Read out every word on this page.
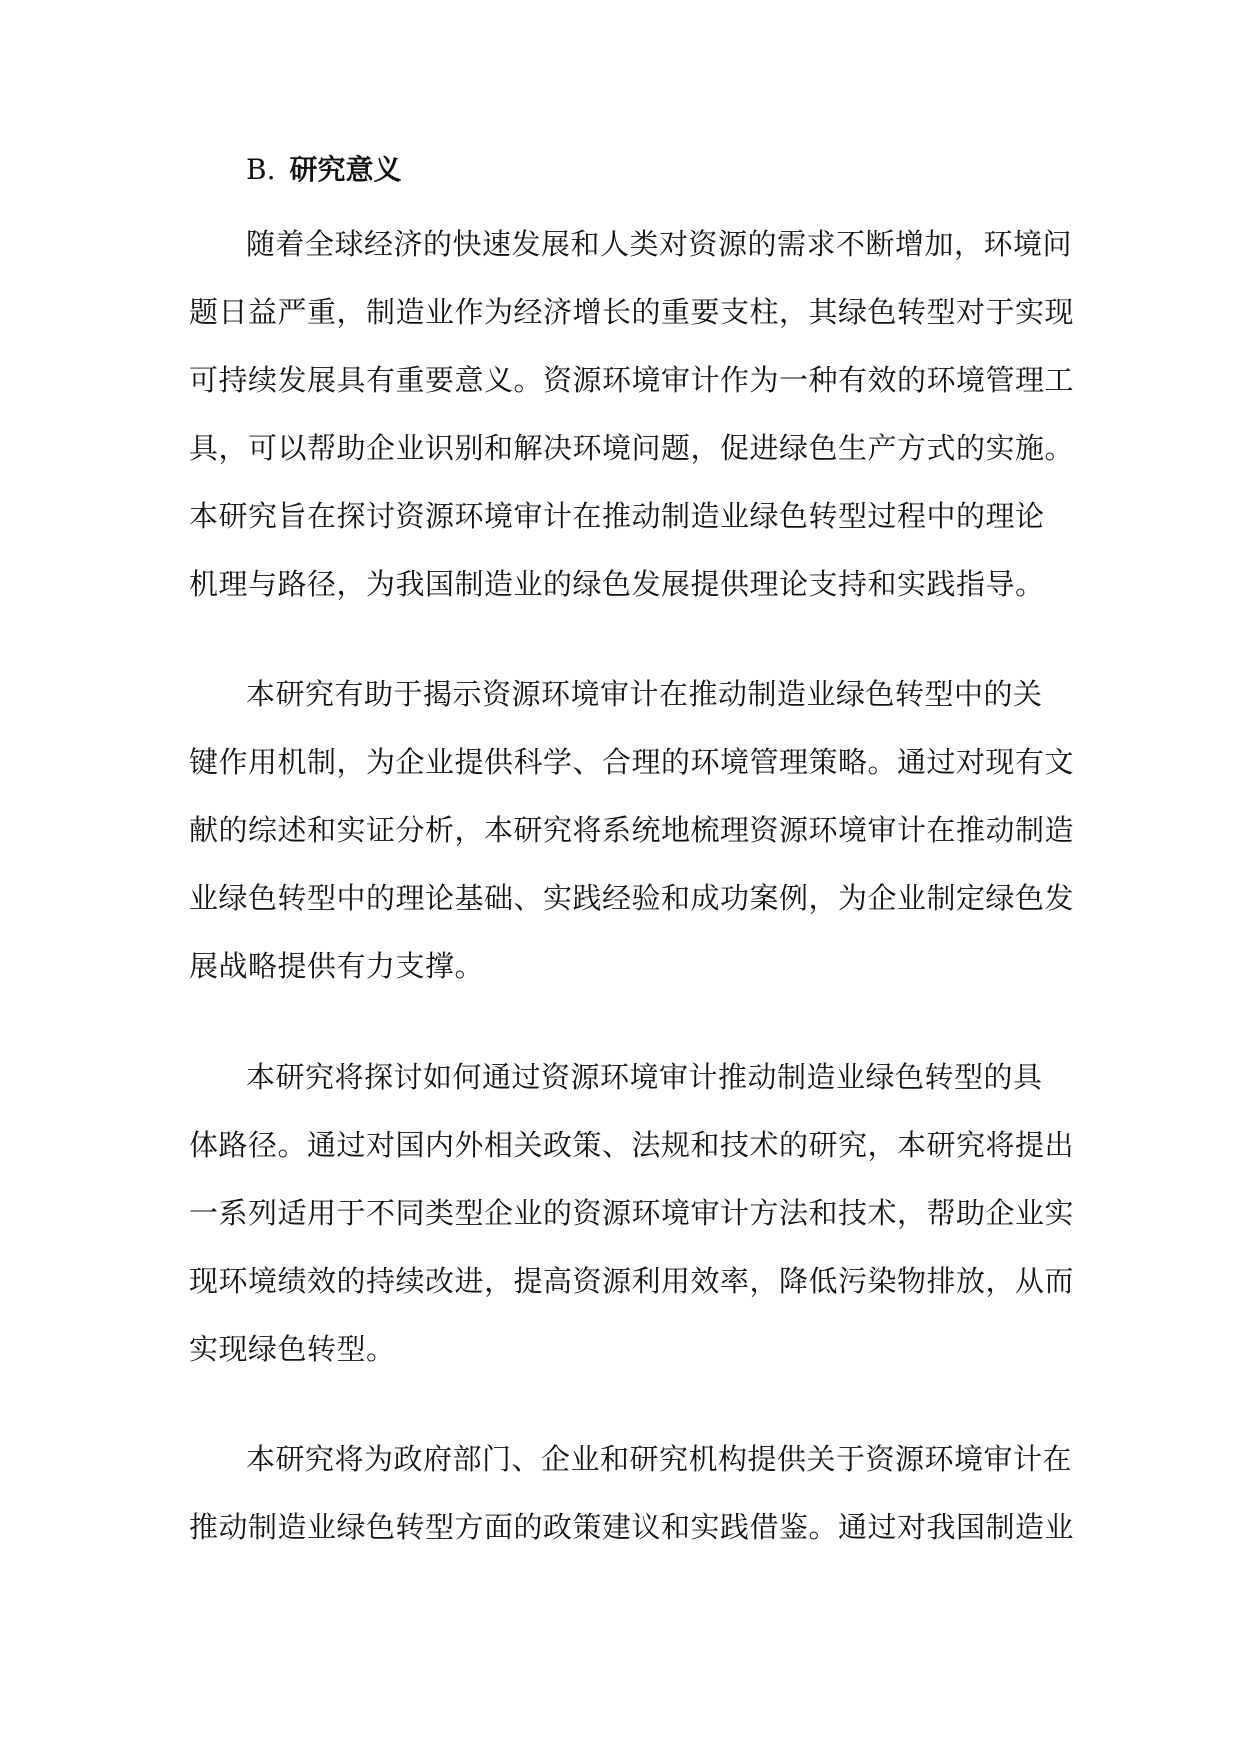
B. 研究意义
随着全球经济的快速发展和人类对资源的需求不断增加，环境问
题日益严重，制造业作为经济增长的重要支柱，其绿色转型对于实现
可持续发展具有重要意义。资源环境审计作为一种有效的环境管理工
具，可以帮助企业识别和解决环境问题，促进绿色生产方式的实施。
本研究旨在探讨资源环境审计在推动制造业绿色转型过程中的理论
机理与路径，为我国制造业的绿色发展提供理论支持和实践指导。
本研究有助于揭示资源环境审计在推动制造业绿色转型中的关
键作用机制，为企业提供科学、合理的环境管理策略。通过对现有文
献的综述和实证分析，本研究将系统地梳理资源环境审计在推动制造
业绿色转型中的理论基础、实践经验和成功案例，为企业制定绿色发
展战略提供有力支撑。
本研究将探讨如何通过资源环境审计推动制造业绿色转型的具
体路径。通过对国内外相关政策、法规和技术的研究，本研究将提出
一系列适用于不同类型企业的资源环境审计方法和技术，帮助企业实
现环境绩效的持续改进，提高资源利用效率，降低污染物排放，从而
实现绿色转型。
本研究将为政府部门、企业和研究机构提供关于资源环境审计在
推动制造业绿色转型方面的政策建议和实践借鉴。通过对我国制造业
